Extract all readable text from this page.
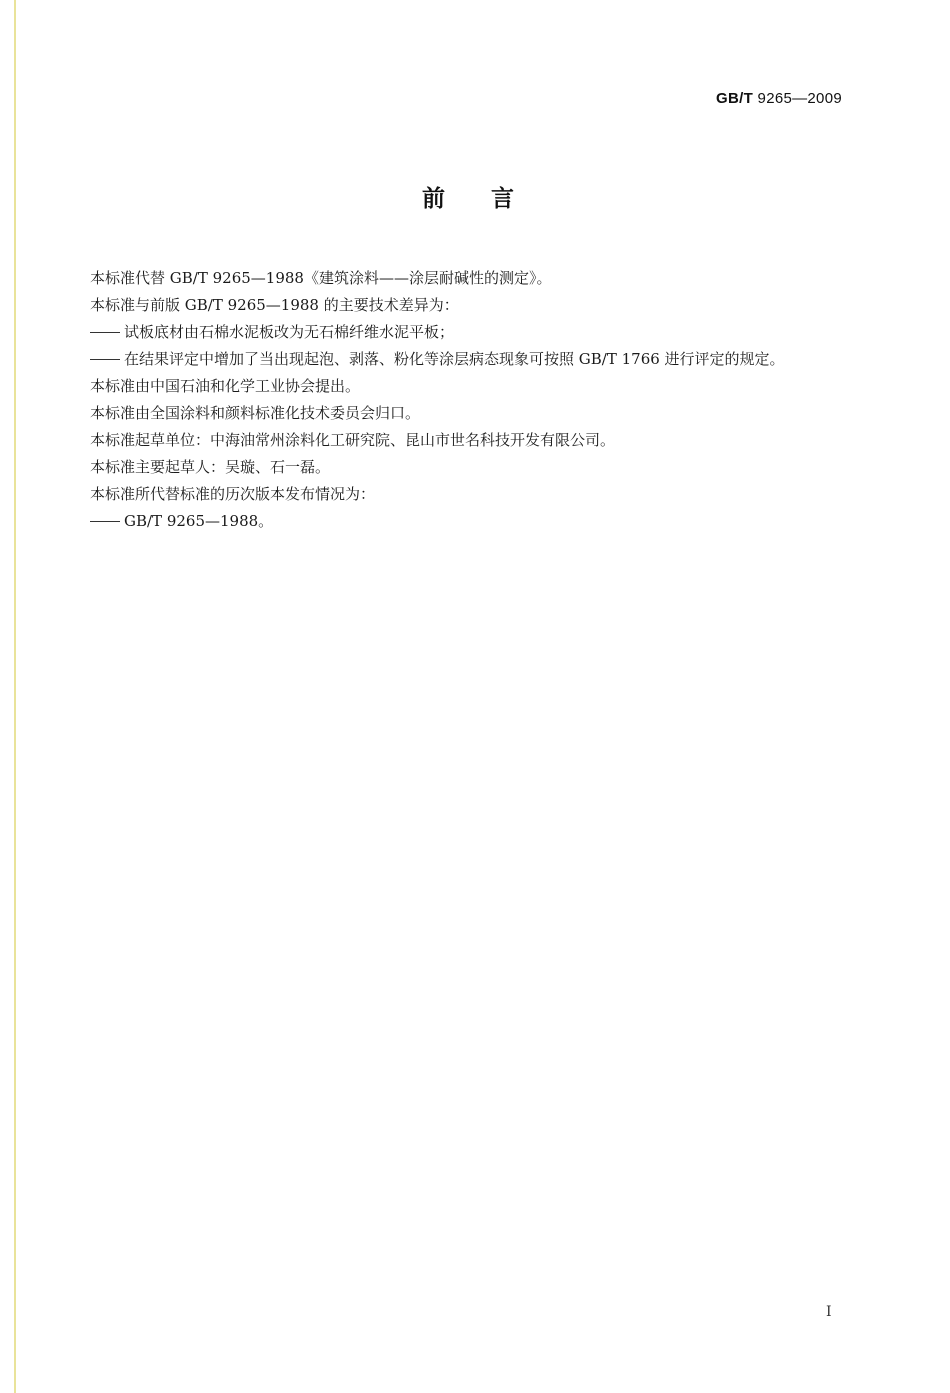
GB/T 9265—2009
前言

本标准代替 GB/T 9265—1988《建筑涂料——涂层耐碱性的测定》。

本标准与前版 GB/T 9265—1988 的主要技术差异为：

试板底材由石棉水泥板改为无石棉纤维水泥平板；

在结果评定中增加了当出现起泡、剥落、粉化等涂层病态现象可按照 GB/T 1766 进行评定的规定。

本标准由中国石油和化学工业协会提出。

本标准由全国涂料和颜料标准化技术委员会归口。

本标准起草单位：中海油常州涂料化工研究院、昆山市世名科技开发有限公司。

本标准主要起草人：吴璇、石一磊。

本标准所代替标准的历次版本发布情况为：

GB/T 9265—1988。

I
